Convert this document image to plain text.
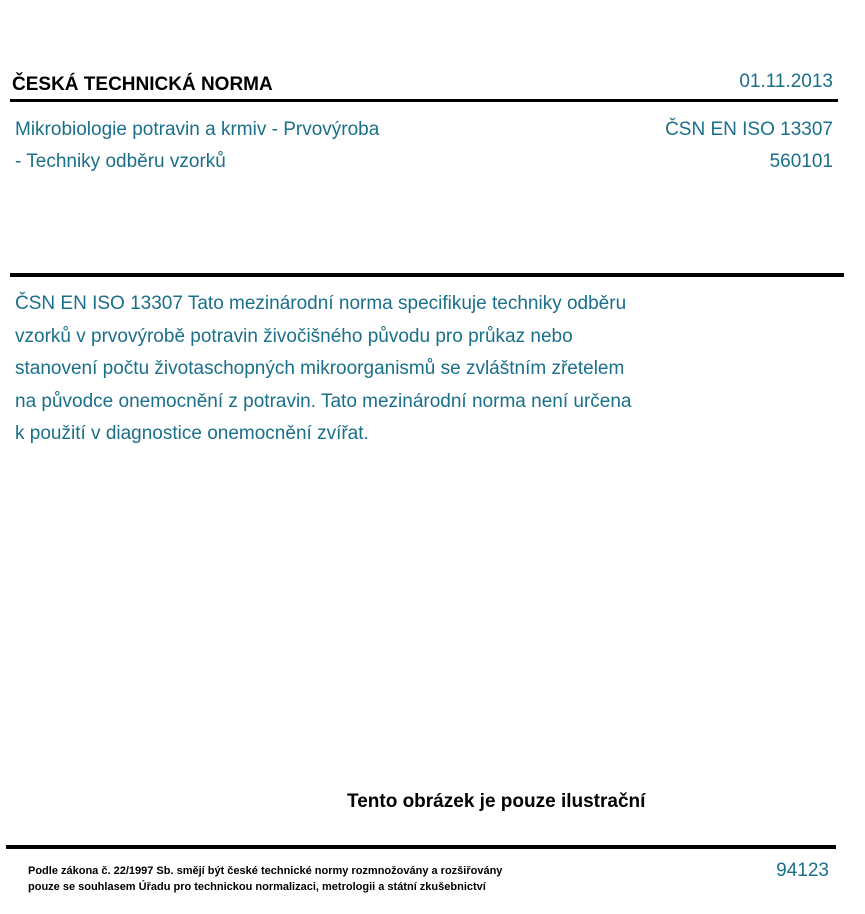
ČESKÁ TECHNICKÁ NORMA	01.11.2013
Mikrobiologie potravin a krmiv - Prvovýroba
- Techniky odběru vzorků
ČSN EN ISO 13307
560101
ČSN EN ISO 13307 Tato mezinárodní norma specifikuje techniky odběru
vzorků v prvovýrobě potravin živočišného původu pro průkaz nebo
stanovení počtu životaschopných mikroorganismů se zvláštním zřetelem
na původce onemocnění z potravin. Tato mezinárodní norma není určena
k použití v diagnostice onemocnění zvířat.
Tento obrázek je pouze ilustrační
Podle zákona č. 22/1997 Sb. smějí být české technické normy rozmnožovány a rozšiřovány
pouze se souhlasem Úřadu pro technickou normalizaci, metrologii a státní zkušebnictví
94123
